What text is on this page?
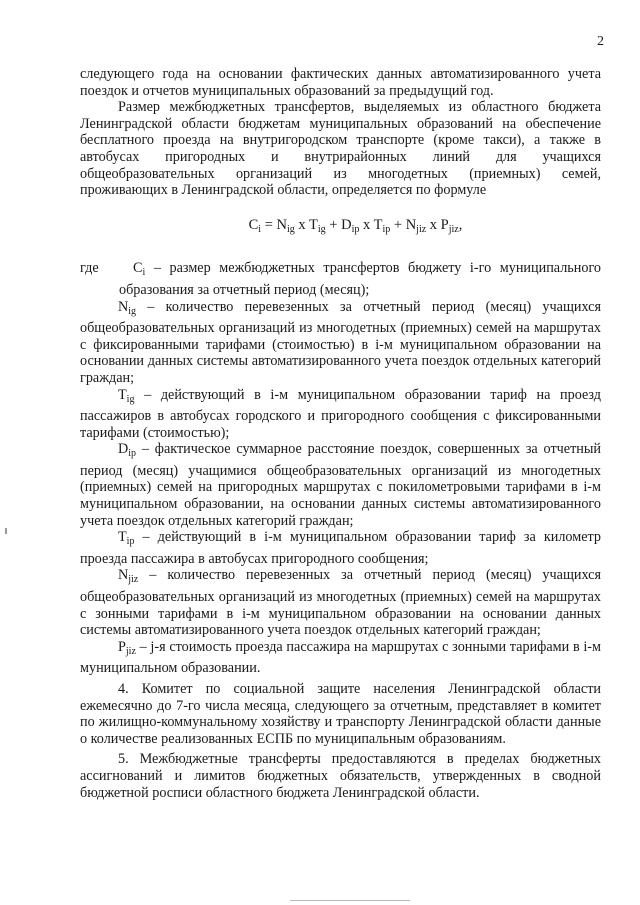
2

следующего года на основании фактических данных автоматизированного учета поездок и отчетов муниципальных образований за предыдущий год.

Размер межбюджетных трансфертов, выделяемых из областного бюджета Ленинградской области бюджетам муниципальных образований на обеспечение бесплатного проезда на внутригородском транспорте (кроме такси), а также в автобусах пригородных и внутрирайонных линий для учащихся общеобразовательных организаций из многодетных (приемных) семей, проживающих в Ленинградской области, определяется по формуле

$C_i = N_{ig}$ x $T_{ig} + D_{ip}$ x $T_{ip} + N_{jiz}$ x $P_{jiz}$,

где $C_i$ – размер межбюджетных трансфертов бюджету i-го муниципального образования за отчетный период (месяц);

$N_{ig}$ – количество перевезенных за отчетный период (месяц) учащихся общеобразовательных организаций из многодетных (приемных) семей на маршрутах с фиксированными тарифами (стоимостью) в i-м муниципальном образовании на основании данных системы автоматизированного учета поездок отдельных категорий граждан;

$T_{ig}$ – действующий в i-м муниципальном образовании тариф на проезд пассажиров в автобусах городского и пригородного сообщения с фиксированными тарифами (стоимостью);

$D_{ip}$ – фактическое суммарное расстояние поездок, совершенных за отчетный период (месяц) учащимися общеобразовательных организаций из многодетных (приемных) семей на пригородных маршрутах с покилометровыми тарифами в i-м муниципальном образовании, на основании данных системы автоматизированного учета поездок отдельных категорий граждан;

$T_{ip}$ – действующий в i-м муниципальном образовании тариф за километр проезда пассажира в автобусах пригородного сообщения;

$N_{jiz}$ – количество перевезенных за отчетный период (месяц) учащихся общеобразовательных организаций из многодетных (приемных) семей на маршрутах с зонными тарифами в i-м муниципальном образовании на основании данных системы автоматизированного учета поездок отдельных категорий граждан;

$P_{jiz} - j-я$ стоимость проезда пассажира на маршрутах с зонными тарифами в i-м муниципальном образовании.

4. Комитет по социальной защите населения Ленинградской области ежемесячно до 7-го числа месяца, следующего за отчетным, представляет в комитет по жилищно-коммунальному хозяйству и транспорту Ленинградской области данные о количестве реализованных ЕСПБ по муниципальным образованиям.

5. Межбюджетные трансферты предоставляются в пределах бюджетных ассигнований и лимитов бюджетных обязательств, утвержденных в сводной бюджетной росписи областного бюджета Ленинградской области.
